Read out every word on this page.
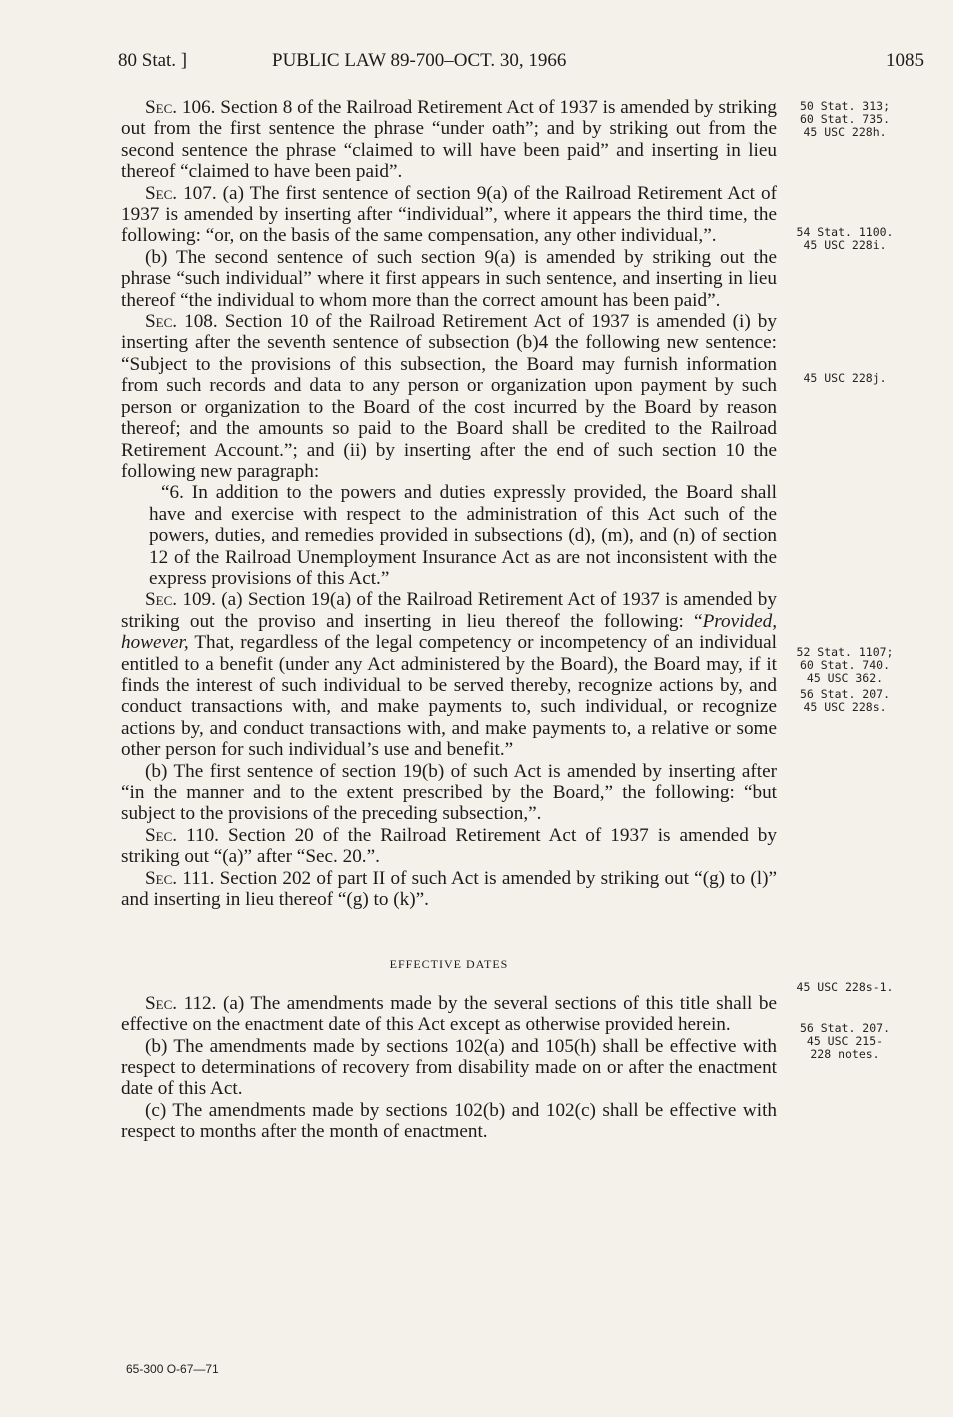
80 Stat. ]	PUBLIC LAW 89-700–OCT. 30, 1966	1085

Sec. 106. Section 8 of the Railroad Retirement Act of 1937 is amended by striking out from the first sentence the phrase “under oath”; and by striking out from the second sentence the phrase “claimed to will have been paid” and inserting in lieu thereof “claimed to have been paid”.

Sec. 107. (a) The first sentence of section 9(a) of the Railroad Retirement Act of 1937 is amended by inserting after “individual”, where it appears the third time, the following: “or, on the basis of the same compensation, any other individual,”.

(b) The second sentence of such section 9(a) is amended by striking out the phrase “such individual” where it first appears in such sentence, and inserting in lieu thereof “the individual to whom more than the correct amount has been paid”.

Sec. 108. Section 10 of the Railroad Retirement Act of 1937 is amended (i) by inserting after the seventh sentence of subsection (b)4 the following new sentence: “Subject to the provisions of this subsection, the Board may furnish information from such records and data to any person or organization upon payment by such person or organization to the Board of the cost incurred by the Board by reason thereof; and the amounts so paid to the Board shall be credited to the Railroad Retirement Account.”; and (ii) by inserting after the end of such section 10 the following new paragraph:

“6. In addition to the powers and duties expressly provided, the Board shall have and exercise with respect to the administration of this Act such of the powers, duties, and remedies provided in subsections (d), (m), and (n) of section 12 of the Railroad Unemployment Insurance Act as are not inconsistent with the express provisions of this Act.”

Sec. 109. (a) Section 19(a) of the Railroad Retirement Act of 1937 is amended by striking out the proviso and inserting in lieu thereof the following: “Provided, however, That, regardless of the legal competency or incompetency of an individual entitled to a benefit (under any Act administered by the Board), the Board may, if it finds the interest of such individual to be served thereby, recognize actions by, and conduct transactions with, and make payments to, such individual, or recognize actions by, and conduct transactions with, and make payments to, a relative or some other person for such individual’s use and benefit.”

(b) The first sentence of section 19(b) of such Act is amended by inserting after “in the manner and to the extent prescribed by the Board,” the following: “but subject to the provisions of the preceding subsection,”.

Sec. 110. Section 20 of the Railroad Retirement Act of 1937 is amended by striking out “(a)” after “Sec. 20.”.

Sec. 111. Section 202 of part II of such Act is amended by striking out “(g) to (l)” and inserting in lieu thereof “(g) to (k)”.

EFFECTIVE DATES

Sec. 112. (a) The amendments made by the several sections of this title shall be effective on the enactment date of this Act except as otherwise provided herein.

(b) The amendments made by sections 102(a) and 105(h) shall be effective with respect to determinations of recovery from disability made on or after the enactment date of this Act.

(c) The amendments made by sections 102(b) and 102(c) shall be effective with respect to months after the month of enactment.

50 Stat. 313;
60 Stat. 735.
45 USC 228h.
54 Stat. 1100.
45 USC 228i.
45 USC 228j.
52 Stat. 1107;
60 Stat. 740.
45 USC 362.
56 Stat. 207.
45 USC 228s.
45 USC 228s-1.
56 Stat. 207.
45 USC 215-
228 notes.
65-300 O-67—71
